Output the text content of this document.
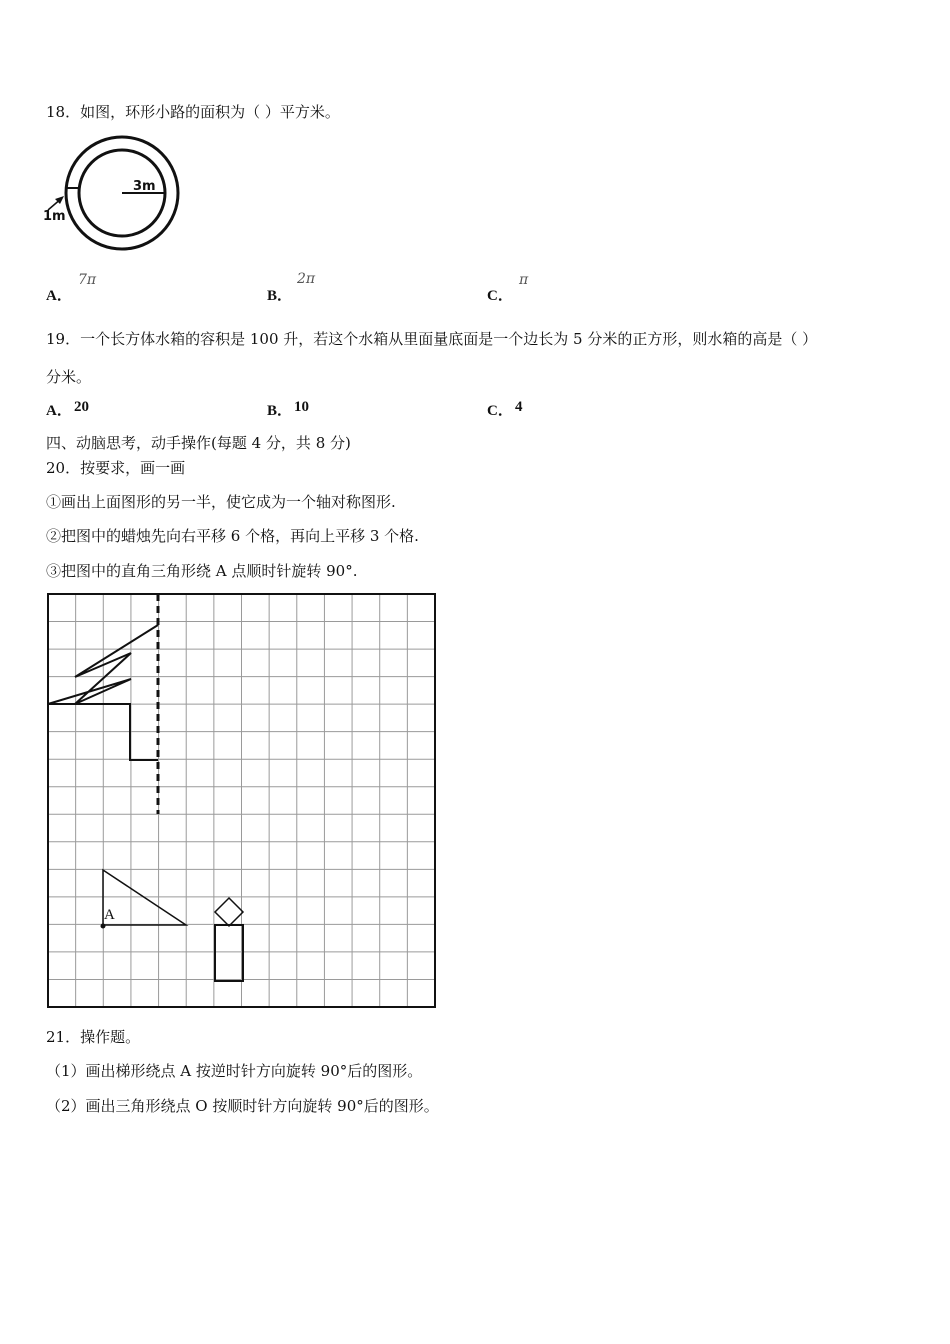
18．如图，环形小路的面积为（ ）平方米。
3m
1m
A．
7π
B．
2π
C．
π
19．一个长方体水箱的容积是 100 升，若这个水箱从里面量底面是一个边长为 5 分米的正方形，则水箱的高是（ ）
分米。
A． 20	B． 10	C． 4
四、动脑思考，动手操作(每题 4 分，共 8 分)
20．按要求，画一画
①画出上面图形的另一半，使它成为一个轴对称图形.
②把图中的蜡烛先向右平移 6 个格，再向上平移 3 个格.
③把图中的直角三角形绕 A 点顺时针旋转 90°.
A
21．操作题。
（1）画出梯形绕点 A 按逆时针方向旋转 90°后的图形。
（2）画出三角形绕点 O 按顺时针方向旋转 90°后的图形。
